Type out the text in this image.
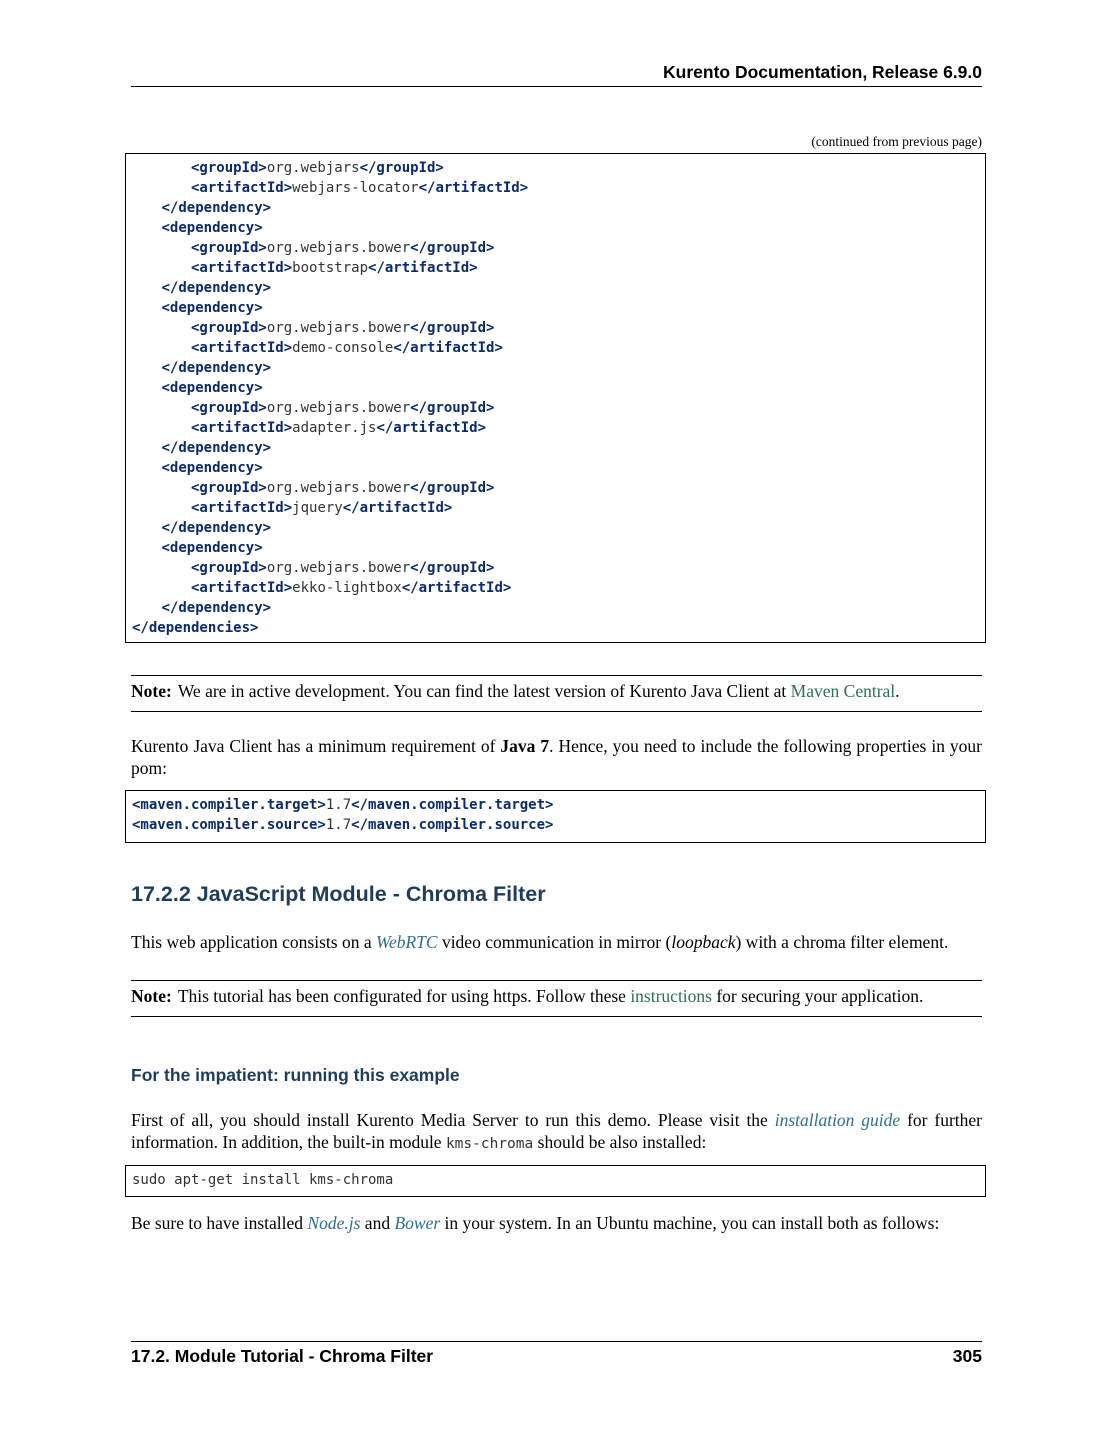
Kurento Documentation, Release 6.9.0
(continued from previous page)
<groupId>org.webjars</groupId>
<artifactId>webjars-locator</artifactId>
</dependency>
<dependency>
<groupId>org.webjars.bower</groupId>
<artifactId>bootstrap</artifactId>
</dependency>
<dependency>
<groupId>org.webjars.bower</groupId>
<artifactId>demo-console</artifactId>
</dependency>
<dependency>
<groupId>org.webjars.bower</groupId>
<artifactId>adapter.js</artifactId>
</dependency>
<dependency>
<groupId>org.webjars.bower</groupId>
<artifactId>jquery</artifactId>
</dependency>
<dependency>
<groupId>org.webjars.bower</groupId>
<artifactId>ekko-lightbox</artifactId>
</dependency>
</dependencies>
Note: We are in active development. You can find the latest version of Kurento Java Client at Maven Central.
Kurento Java Client has a minimum requirement of Java 7. Hence, you need to include the following properties in your pom:
<maven.compiler.target>1.7</maven.compiler.target>
<maven.compiler.source>1.7</maven.compiler.source>
17.2.2 JavaScript Module - Chroma Filter
This web application consists on a WebRTC video communication in mirror (loopback) with a chroma filter element.
Note: This tutorial has been configurated for using https. Follow these instructions for securing your application.
For the impatient: running this example
First of all, you should install Kurento Media Server to run this demo. Please visit the installation guide for further information. In addition, the built-in module kms-chroma should be also installed:
sudo apt-get install kms-chroma
Be sure to have installed Node.js and Bower in your system. In an Ubuntu machine, you can install both as follows:
17.2. Module Tutorial - Chroma Filter	305
